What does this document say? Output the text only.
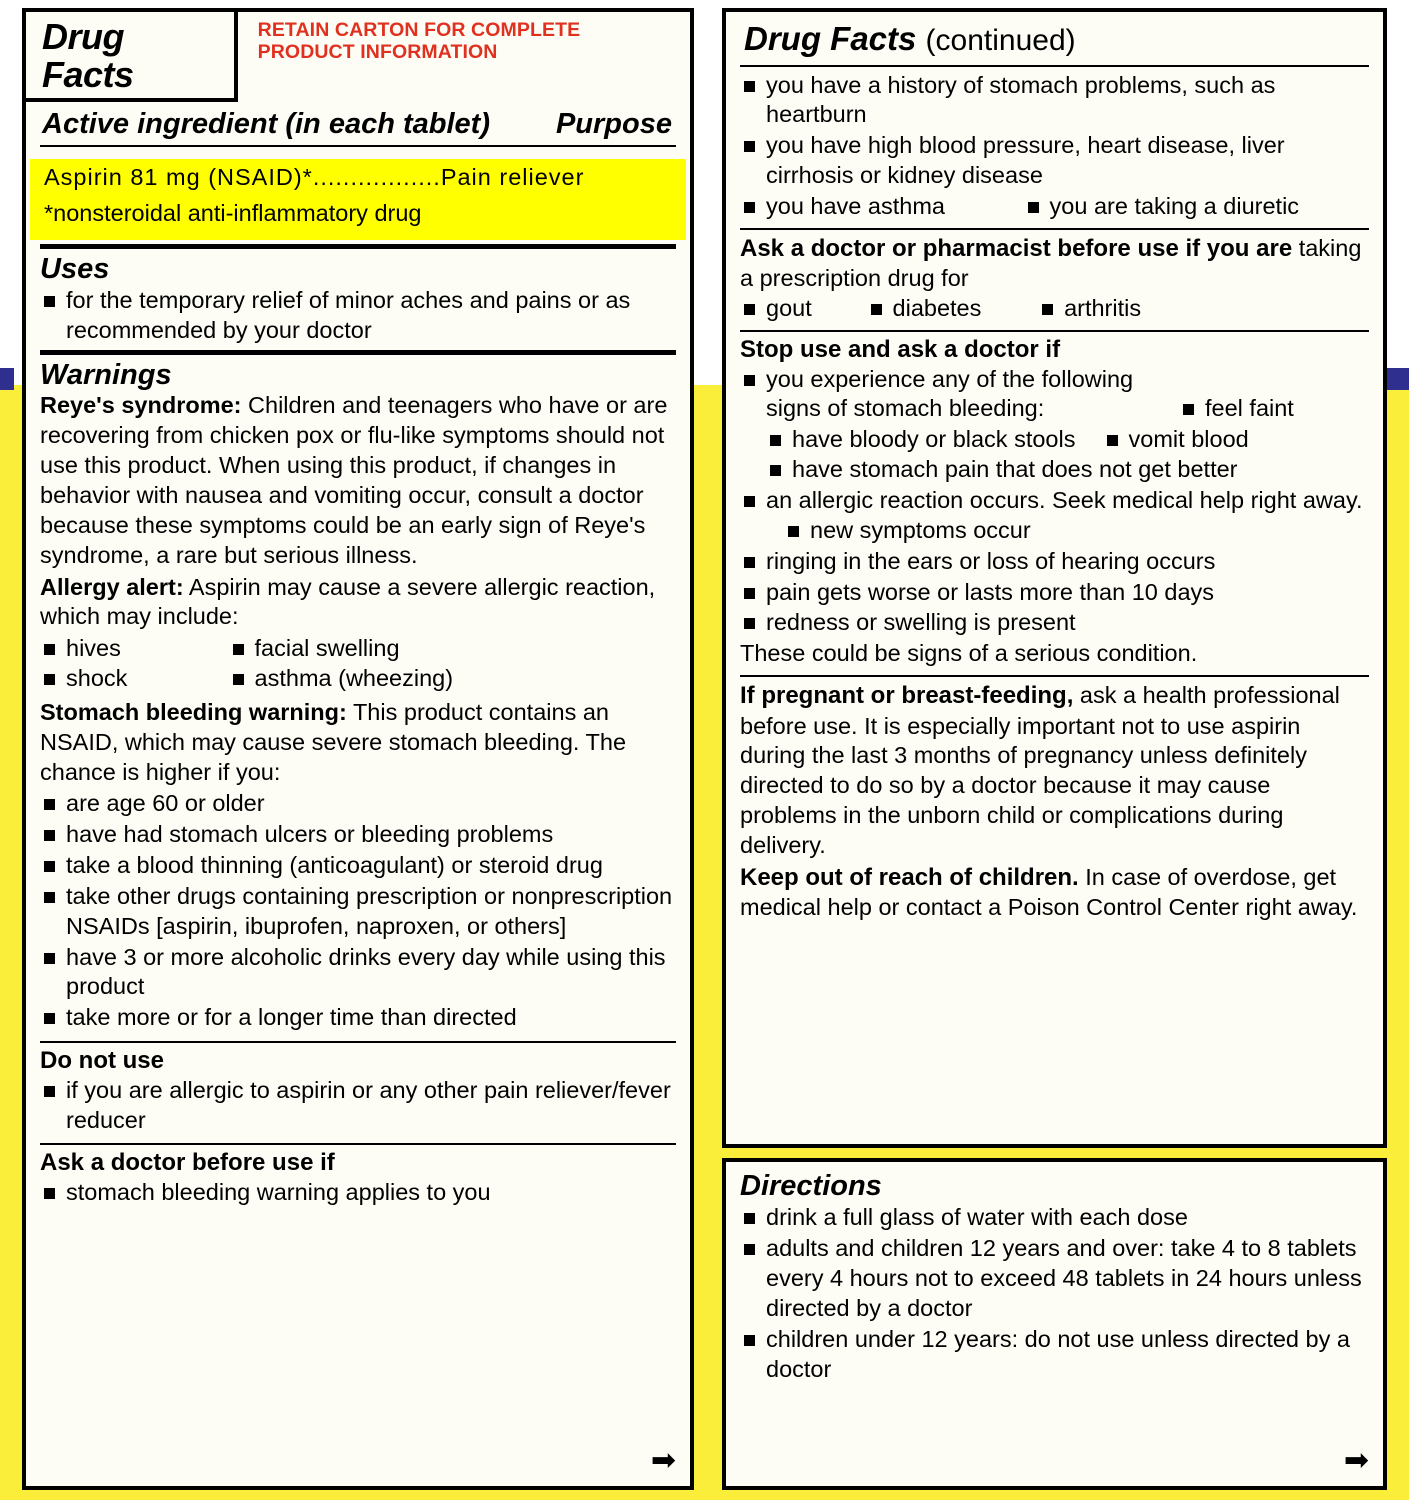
Drug Facts
RETAIN CARTON FOR COMPLETE PRODUCT INFORMATION
Active ingredient (in each tablet) Purpose
Aspirin 81 mg (NSAID)*.................Pain reliever
*nonsteroidal anti-inflammatory drug
Uses
for the temporary relief of minor aches and pains or as recommended by your doctor
Warnings
Reye's syndrome: Children and teenagers who have or are recovering from chicken pox or flu-like symptoms should not use this product. When using this product, if changes in behavior with nausea and vomiting occur, consult a doctor because these symptoms could be an early sign of Reye's syndrome, a rare but serious illness.
Allergy alert: Aspirin may cause a severe allergic reaction, which may include:
hives	facial swelling
shock	asthma (wheezing)
Stomach bleeding warning: This product contains an NSAID, which may cause severe stomach bleeding. The chance is higher if you:
are age 60 or older
have had stomach ulcers or bleeding problems
take a blood thinning (anticoagulant) or steroid drug
take other drugs containing prescription or nonprescription NSAIDs [aspirin, ibuprofen, naproxen, or others]
have 3 or more alcoholic drinks every day while using this product
take more or for a longer time than directed
Do not use
if you are allergic to aspirin or any other pain reliever/fever reducer
Ask a doctor before use if
stomach bleeding warning applies to you
➡
Drug Facts (continued)
you have a history of stomach problems, such as heartburn
you have high blood pressure, heart disease, liver cirrhosis or kidney disease
you have asthma	you are taking a diuretic
Ask a doctor or pharmacist before use if you are taking a prescription drug for
gout	diabetes	arthritis
Stop use and ask a doctor if
you experience any of the following signs of stomach bleeding:	feel faint
have bloody or black stools vomit blood
have stomach pain that does not get better
an allergic reaction occurs. Seek medical help right away. new symptoms occur
ringing in the ears or loss of hearing occurs
pain gets worse or lasts more than 10 days
redness or swelling is present
These could be signs of a serious condition.
If pregnant or breast-feeding, ask a health professional before use. It is especially important not to use aspirin during the last 3 months of pregnancy unless definitely directed to do so by a doctor because it may cause problems in the unborn child or complications during delivery.
Keep out of reach of children. In case of overdose, get medical help or contact a Poison Control Center right away.
Directions
drink a full glass of water with each dose
adults and children 12 years and over: take 4 to 8 tablets every 4 hours not to exceed 48 tablets in 24 hours unless directed by a doctor
children under 12 years: do not use unless directed by a doctor
➡
